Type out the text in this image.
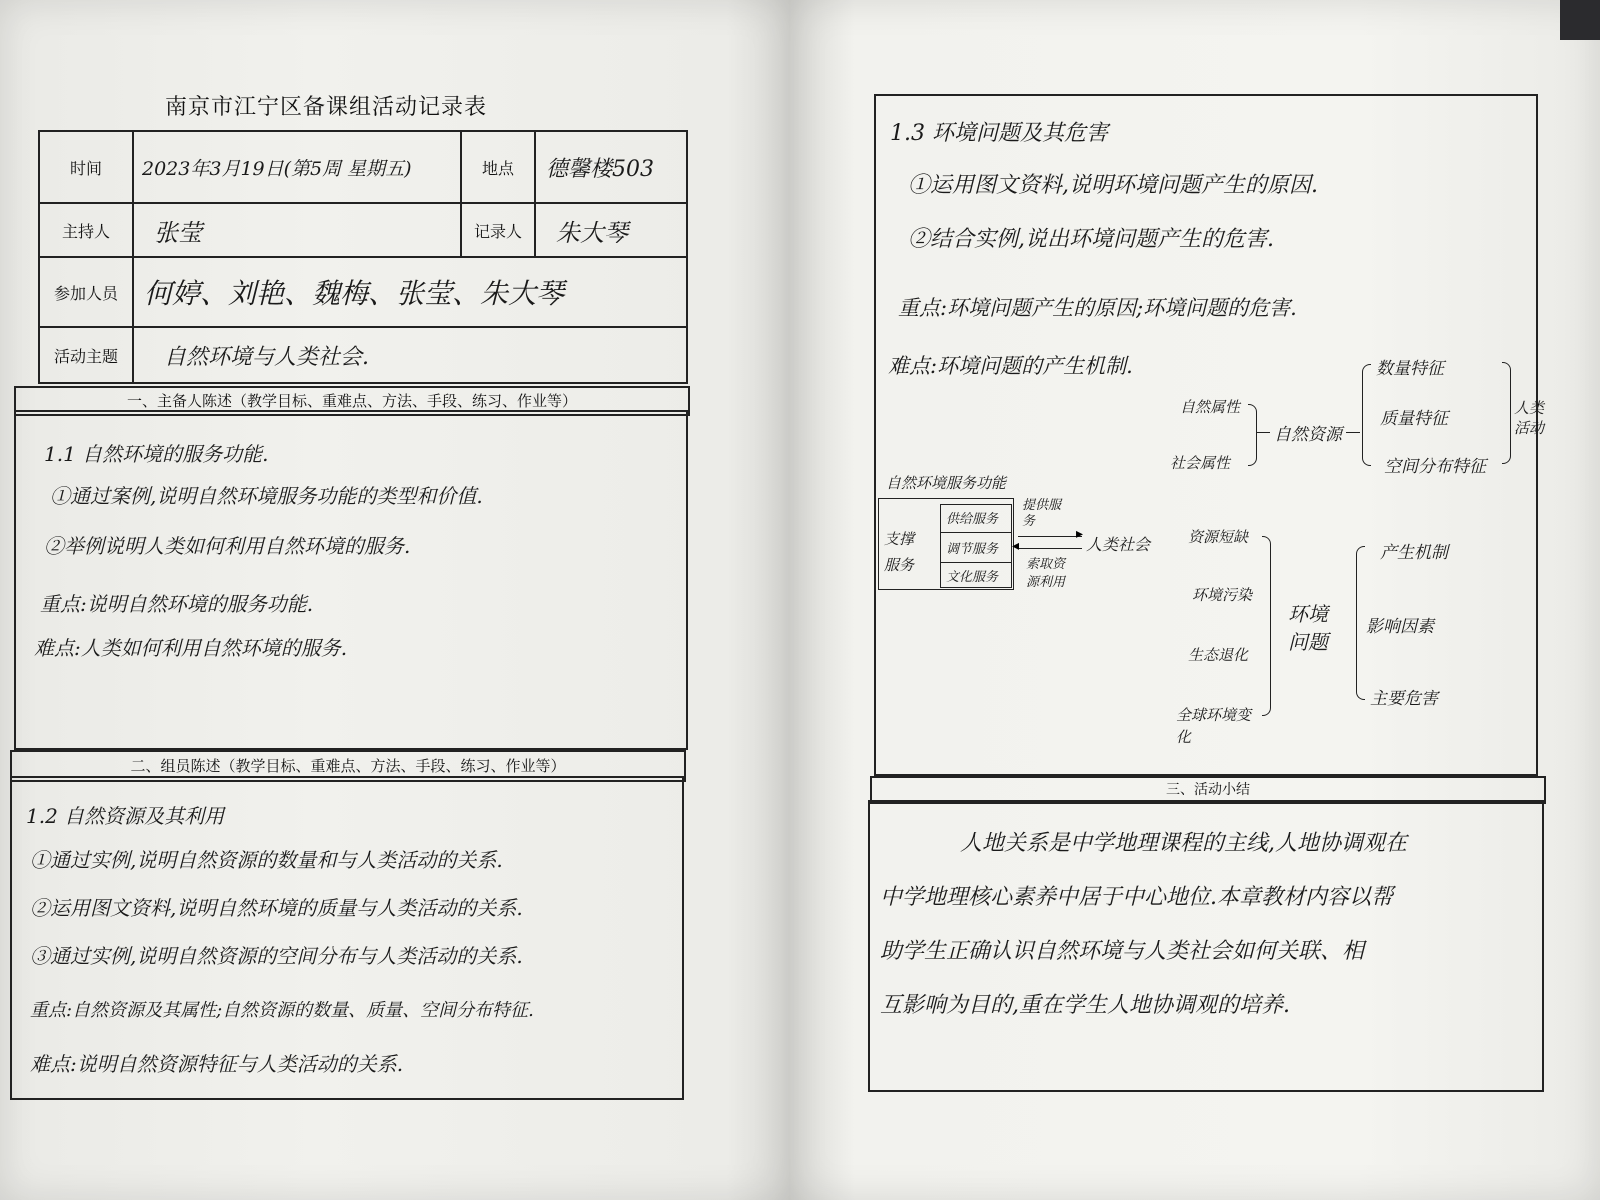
南京市江宁区备课组活动记录表
时间	2023年3月19日(第5周 星期五)	地点	德馨楼503
主持人	张莹	记录人	朱大琴
参加人员	何婷、刘艳、魏梅、张莹、朱大琴		
活动主题	自然环境与人类社会.		
一、主备人陈述（教学目标、重难点、方法、手段、练习、作业等）
1.1 自然环境的服务功能.
①通过案例,说明自然环境服务功能的类型和价值.
②举例说明人类如何利用自然环境的服务.
重点:说明自然环境的服务功能.
难点:人类如何利用自然环境的服务.
二、组员陈述（教学目标、重难点、方法、手段、练习、作业等）
1.2 自然资源及其利用
①通过实例,说明自然资源的数量和与人类活动的关系.
②运用图文资料,说明自然环境的质量与人类活动的关系.
③通过实例,说明自然资源的空间分布与人类活动的关系.
重点:自然资源及其属性;自然资源的数量、质量、空间分布特征.
难点:说明自然资源特征与人类活动的关系.
1.3 环境问题及其危害
①运用图文资料,说明环境问题产生的原因.
②结合实例,说出环境问题产生的危害.
重点:环境问题产生的原因;环境问题的危害.
难点:环境问题的产生机制.
自然属性
社会属性
自然资源
数量特征
质量特征
空间分布特征
人类活动
自然环境服务功能
支撑服务
供给服务
调节服务
文化服务
提供服务
▸
◂
索取资源利用
人类社会	资源短缺
环境污染
生态退化
全球环境变化
环境问题
产生机制
影响因素
主要危害
三、活动小结
人地关系是中学地理课程的主线,人地协调观在
中学地理核心素养中居于中心地位.本章教材内容以帮
助学生正确认识自然环境与人类社会如何关联、相
互影响为目的,重在学生人地协调观的培养.
